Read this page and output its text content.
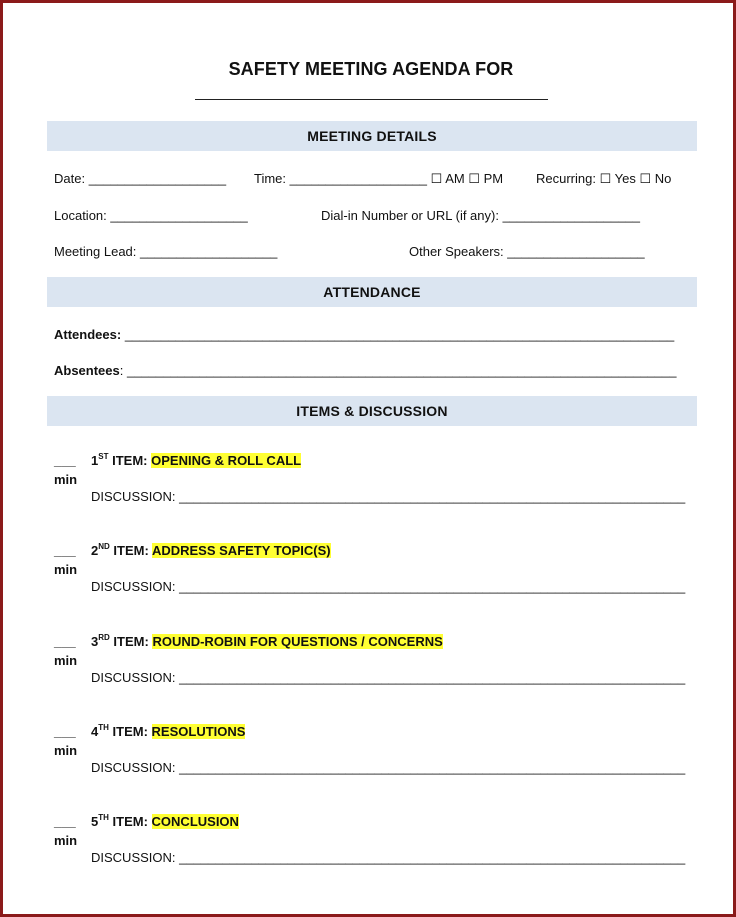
SAFETY MEETING AGENDA FOR
MEETING DETAILS
Date: ___________________ Time: ___________________ ☐ AM ☐ PM	Recurring: ☐ Yes ☐ No
Location: ___________________	Dial-in Number or URL (if any): ___________________
Meeting Lead: ___________________	Other Speakers: ___________________
ATTENDANCE
Attendees: ____________________________________________________________________________
Absentees: ____________________________________________________________________________
ITEMS & DISCUSSION
___
min
1ST ITEM: OPENING & ROLL CALL
DISCUSSION: ______________________________________________________________________
___
min
2ND ITEM: ADDRESS SAFETY TOPIC(S)
DISCUSSION: ______________________________________________________________________
___
min
3RD ITEM: ROUND-ROBIN FOR QUESTIONS / CONCERNS
DISCUSSION: ______________________________________________________________________
___
min
4TH ITEM: RESOLUTIONS
DISCUSSION: ______________________________________________________________________
___
min
5TH ITEM: CONCLUSION
DISCUSSION: ______________________________________________________________________
